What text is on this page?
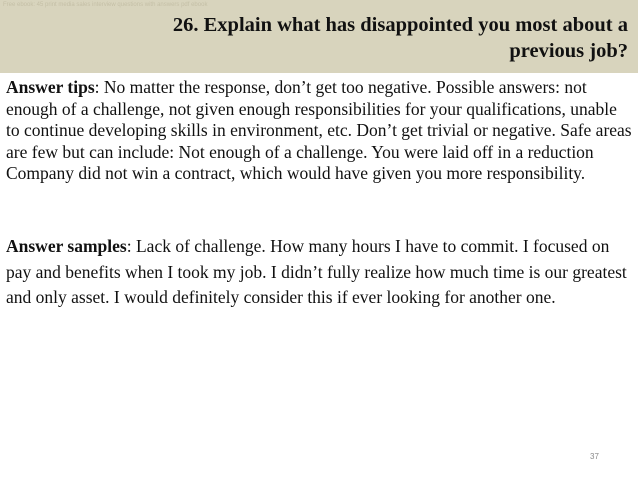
Free ebook: 45 print media sales interview questions with answers pdf ebook
26. Explain what has disappointed you most about a previous job?

Answer tips: No matter the response, don’t get too negative. Possible answers: not enough of a challenge, not given enough responsibilities for your qualifications, unable to continue developing skills in environment, etc. Don’t get trivial or negative. Safe areas are few but can include: Not enough of a challenge. You were laid off in a reduction Company did not win a contract, which would have given you more responsibility.

Answer samples: Lack of challenge. How many hours I have to commit. I focused on pay and benefits when I took my job. I didn’t fully realize how much time is our greatest and only asset. I would definitely consider this if ever looking for another one.

37
